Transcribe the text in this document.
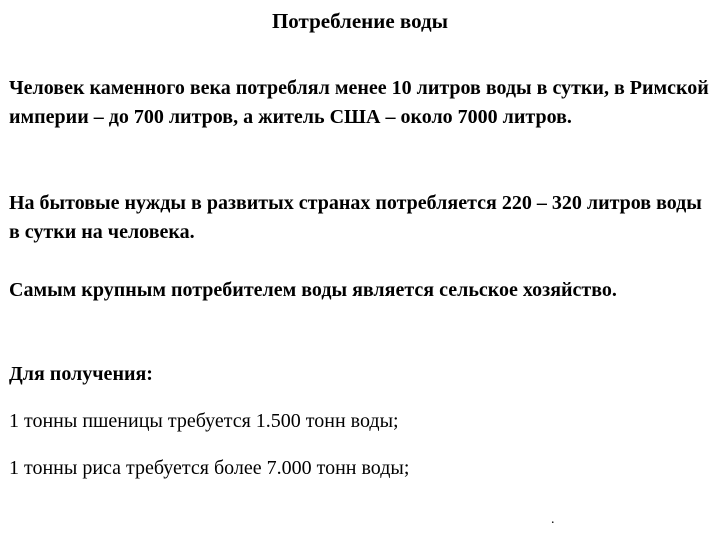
Потребление воды

Человек каменного века потреблял менее 10 литров воды в сутки, в Римской империи – до 700 литров, а житель США – около 7000 литров.

На бытовые нужды в развитых странах потребляется 220 – 320 литров воды в сутки на человека.

Самым крупным потребителем воды является сельское хозяйство.

Для получения:

1 тонны пшеницы требуется 1.500 тонн воды;

1 тонны риса требуется более 7.000 тонн воды;

.
